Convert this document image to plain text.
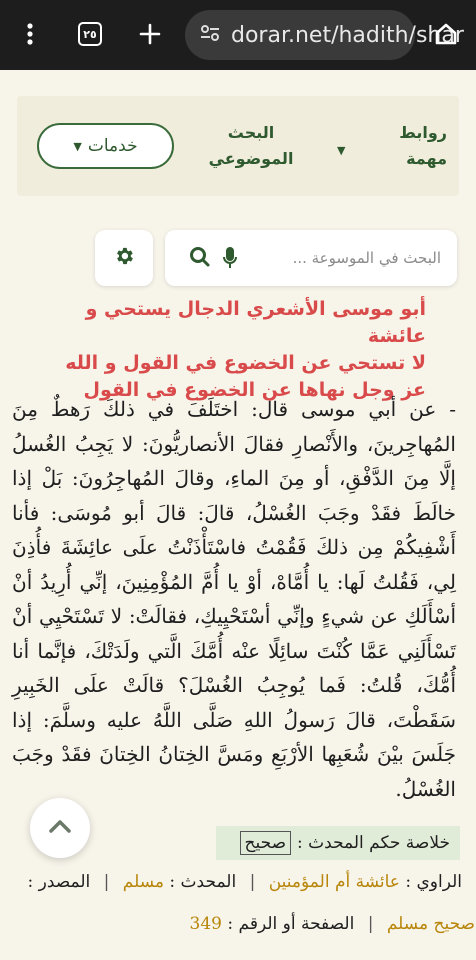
٢٥	dorar.net/hadith/shar
▼ خدمات
البحث
الموضوعي	▼
روابط
مهمة
البحث في الموسوعة ...
أبو موسى الأشعري الدجال يستحي و عائشة
لا تستحي عن الخضوع في القول و الله
عز وجل نهاها عن الخضوع في القول
- عن أبي موسى قال: اختَلَفَ في ذلكَ رَهطٌ مِنَ المُهاجِرينَ، والأَنْصارِ فقالَ الأنصاريُّونَ: لا يَجِبُ الغُسلُ إلَّا مِنَ الدَّفْقِ، أو مِنَ الماءِ، وقالَ المُهاجِرُونَ: بَلْ إذا خالَطَ فقَدْ وجَبَ الغُسْلُ، قالَ: قالَ أبو مُوسَى: فأنا أَشْفِيكُمْ مِن ذلكَ فَقُمْتُ فاسْتَأْذَنْتُ علَى عائِشَةَ فأُذِنَ لِي، فَقُلتُ لَها: يا أُمَّاهْ، أوْ يا أُمَّ المُؤْمِنِينَ، إنِّي أُرِيدُ أنْ أسْأَلَكِ عن شيءٍ وإنِّي أسْتَحْيِيكِ، فقالَتْ: لا تَسْتَحْيِي أنْ تَسْأَلَنِي عَمَّا كُنْتَ سائِلًا عنْه أُمَّكَ الَّتي ولَدَتْكَ، فإنَّما أنا أُمُّكَ، قُلتُ: فَما يُوجِبُ الغُسْلَ؟ قالَتْ علَى الخَبِيرِ سَقَطْتَ، قالَ رَسولُ اللهِ صَلَّى اللَّهُ عليه وسلَّمَ: إذا جَلَسَ بيْنَ شُعَبِها الأرْبَعِ ومَسَّ الخِتانُ الخِتانَ فقَدْ وجَبَ الغُسْلُ.
خلاصة حكم المحدث :
صحيح
الراوي : عائشة أم المؤمنين | المحدث : مسلم | المصدر :
صحيح مسلم | الصفحة أو الرقم : 349
